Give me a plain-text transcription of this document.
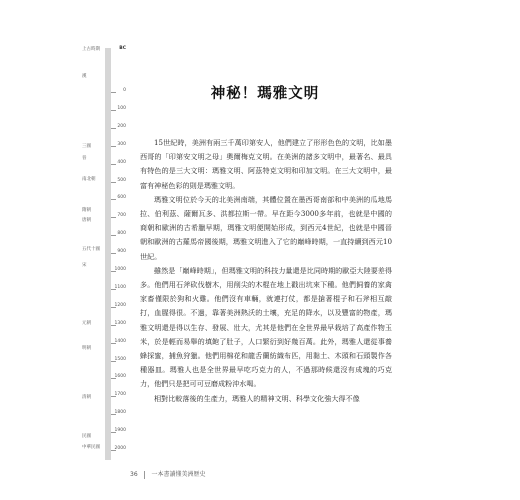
上古時期	BC
0
100
200
300
400
500
600
700
800
900
1000
1100
1200
1300
1400
1500
1600
1700
1800
1900
2000
漢
三國
晉
南北朝
隋朝
唐朝
五代十國
宋
元朝
明朝
清朝
民國
中華民國
神秘！瑪雅文明

15世紀時，美洲有兩三千萬印第安人，他們建立了形形色色的文明，比如墨西哥的「印第安文明之母」奧爾梅克文明。在美洲的諸多文明中，最著名、最具有特色的是三大文明：瑪雅文明、阿茲特克文明和印加文明。在三大文明中，最富有神秘色彩的則是瑪雅文明。

瑪雅文明位於今天的北美洲南端，其體位置在墨西哥南部和中美洲的瓜地馬拉、伯利茲、薩爾瓦多、洪都拉斯一帶。早在距今3000多年前，也就是中國的商朝和歐洲的古希臘早期，瑪雅文明便開始形成，到西元4世紀，也就是中國晉朝和歐洲的古羅馬帝國後期，瑪雅文明進入了它的巔峰時期，一直持續到西元10世紀。

雖然是「巔峰時期」，但瑪雅文明的科技力量還是比同時期的歐亞大陸要差得多。他們用石斧砍伐樹木，用削尖的木棍在地上戳出坑來下種。他們飼養的家禽家畜僅限於狗和火雞。他們沒有車輛，就連打仗，都是搶著棍子和石斧相互敲打，血腥得很。不過，靠著美洲熱沃的土壤，充足的降水，以及豐富的物產，瑪雅文明還是得以生存、發展、壯大，尤其是他們在全世界最早栽培了高產作物玉米，於是輕而易舉的填飽了肚子，人口繁衍到好幾百萬。此外，瑪雅人還從事養蜂採蜜，捕魚狩獵。他們用棉花和龍舌蘭紡織布匹，用黏土、木頭和石頭製作各種器皿。瑪雅人也是全世界最早吃巧克力的人，不過那時候還沒有成塊的巧克力，他們只是把可可豆磨成粉沖水喝。

相對比較落後的生產力，瑪雅人的精神文明、科學文化強大得不像

36 一本書讀懂美洲歷史
